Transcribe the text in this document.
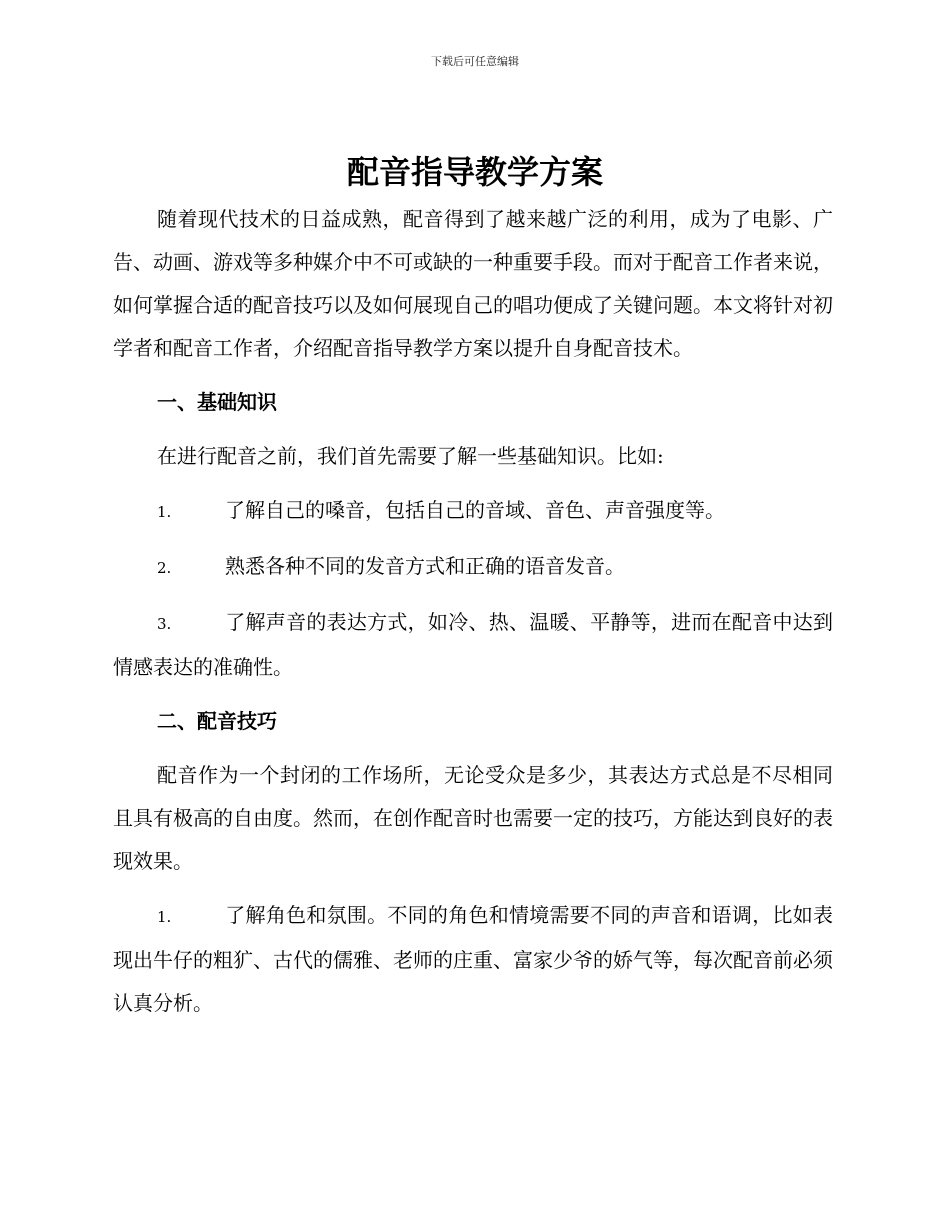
下载后可任意编辑
配音指导教学方案

随着现代技术的日益成熟，配音得到了越来越广泛的利用，成为了电影、广告、动画、游戏等多种媒介中不可或缺的一种重要手段。而对于配音工作者来说，如何掌握合适的配音技巧以及如何展现自己的唱功便成了关键问题。本文将针对初学者和配音工作者，介绍配音指导教学方案以提升自身配音技术。

一、基础知识

在进行配音之前，我们首先需要了解一些基础知识。比如:

1.	了解自己的嗓音，包括自己的音域、音色、声音强度等。

2.	熟悉各种不同的发音方式和正确的语音发音。

3.	了解声音的表达方式，如冷、热、温暖、平静等，进而在配音中达到情感表达的准确性。

二、配音技巧

配音作为一个封闭的工作场所，无论受众是多少，其表达方式总是不尽相同且具有极高的自由度。然而，在创作配音时也需要一定的技巧，方能达到良好的表现效果。

1.	了解角色和氛围。不同的角色和情境需要不同的声音和语调，比如表现出牛仔的粗犷、古代的儒雅、老师的庄重、富家少爷的娇气等，每次配音前必须认真分析。
